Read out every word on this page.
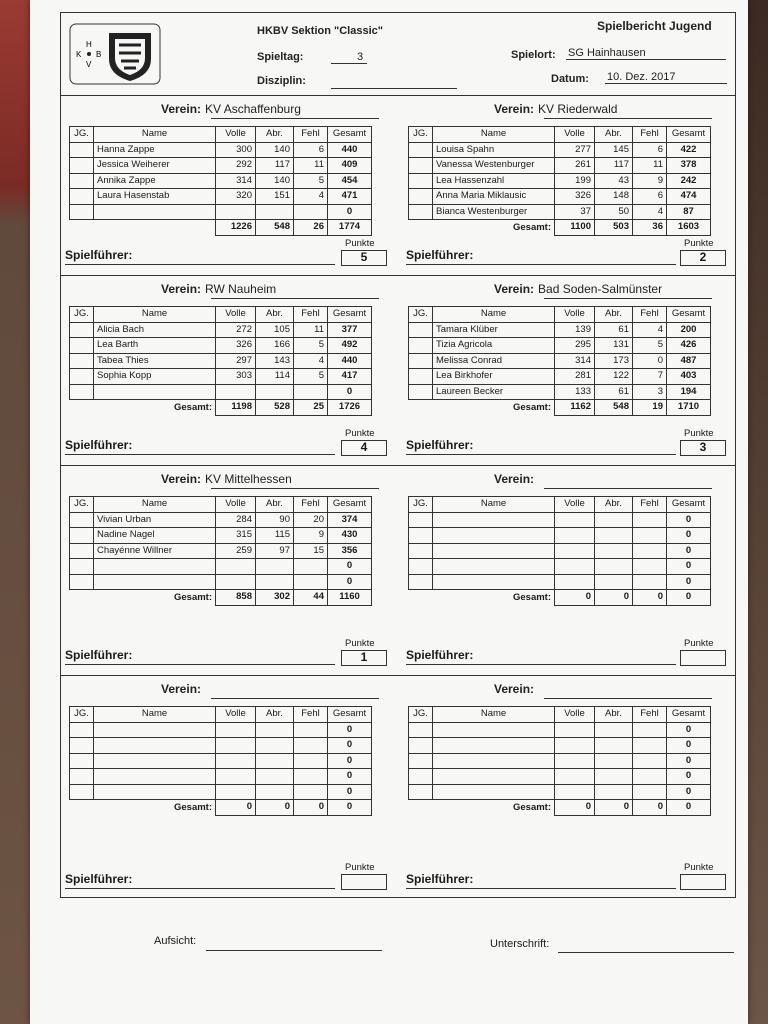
K
H
B
V
HKBV Sektion "Classic"	Spielbericht Jugend
Spieltag:	3
Disziplin:
Spielort: SG Hainhausen
Datum: 10. Dez. 2017
Verein: KV Aschaffenburg
JG.	Name	Volle	Abr.	Fehl	Gesamt
	Hanna Zappe	300	140	6	440
	Jessica Weiherer	292	117	11	409
	Annika Zappe	314	140	5	454
	Laura Hasenstab	320	151	4	471
					0
		1226	548	26	1774
Punkte
5
Spielführer:
Verein: KV Riederwald
JG.	Name	Volle	Abr.	Fehl	Gesamt
	Louisa Spahn	277	145	6	422
	Vanessa Westenburger	261	117	11	378
	Lea Hassenzahl	199	43	9	242
	Anna Maria Miklausic	326	148	6	474
	Bianca Westenburger	37	50	4	87
Gesamt:		1100	503	36	1603
Punkte
2
Spielführer:
Verein: RW Nauheim
JG.	Name	Volle	Abr.	Fehl	Gesamt
	Alicia Bach	272	105	11	377
	Lea Barth	326	166	5	492
	Tabea Thies	297	143	4	440
	Sophia Kopp	303	114	5	417
					0
Gesamt:		1198	528	25	1726
Punkte
4
Spielführer:
Verein: Bad Soden-Salmünster
JG.	Name	Volle	Abr.	Fehl	Gesamt
	Tamara Klüber	139	61	4	200
	Tizia Agricola	295	131	5	426
	Melissa Conrad	314	173	0	487
	Lea Birkhofer	281	122	7	403
	Laureen Becker	133	61	3	194
Gesamt:		1162	548	19	1710
Punkte
3
Spielführer:
Verein: KV Mittelhessen
JG.	Name	Volle	Abr.	Fehl	Gesamt
	Vivian Urban	284	90	20	374
	Nadine Nagel	315	115	9	430
	Chayénne Willner	259	97	15	356
					0
					0
Gesamt:		858	302	44	1160
Punkte
1
Spielführer:
Verein:
JG.	Name	Volle	Abr.	Fehl	Gesamt
					0
					0
					0
					0
					0
Gesamt:		0	0	0	0
Punkte
Spielführer:
Verein:
JG.	Name	Volle	Abr.	Fehl	Gesamt
					0
					0
					0
					0
					0
Gesamt:		0	0	0	0
Punkte
Spielführer:
Verein:
JG.	Name	Volle	Abr.	Fehl	Gesamt
					0
					0
					0
					0
					0
Gesamt:		0	0	0	0
Punkte
Spielführer:
Aufsicht:	Unterschrift:
